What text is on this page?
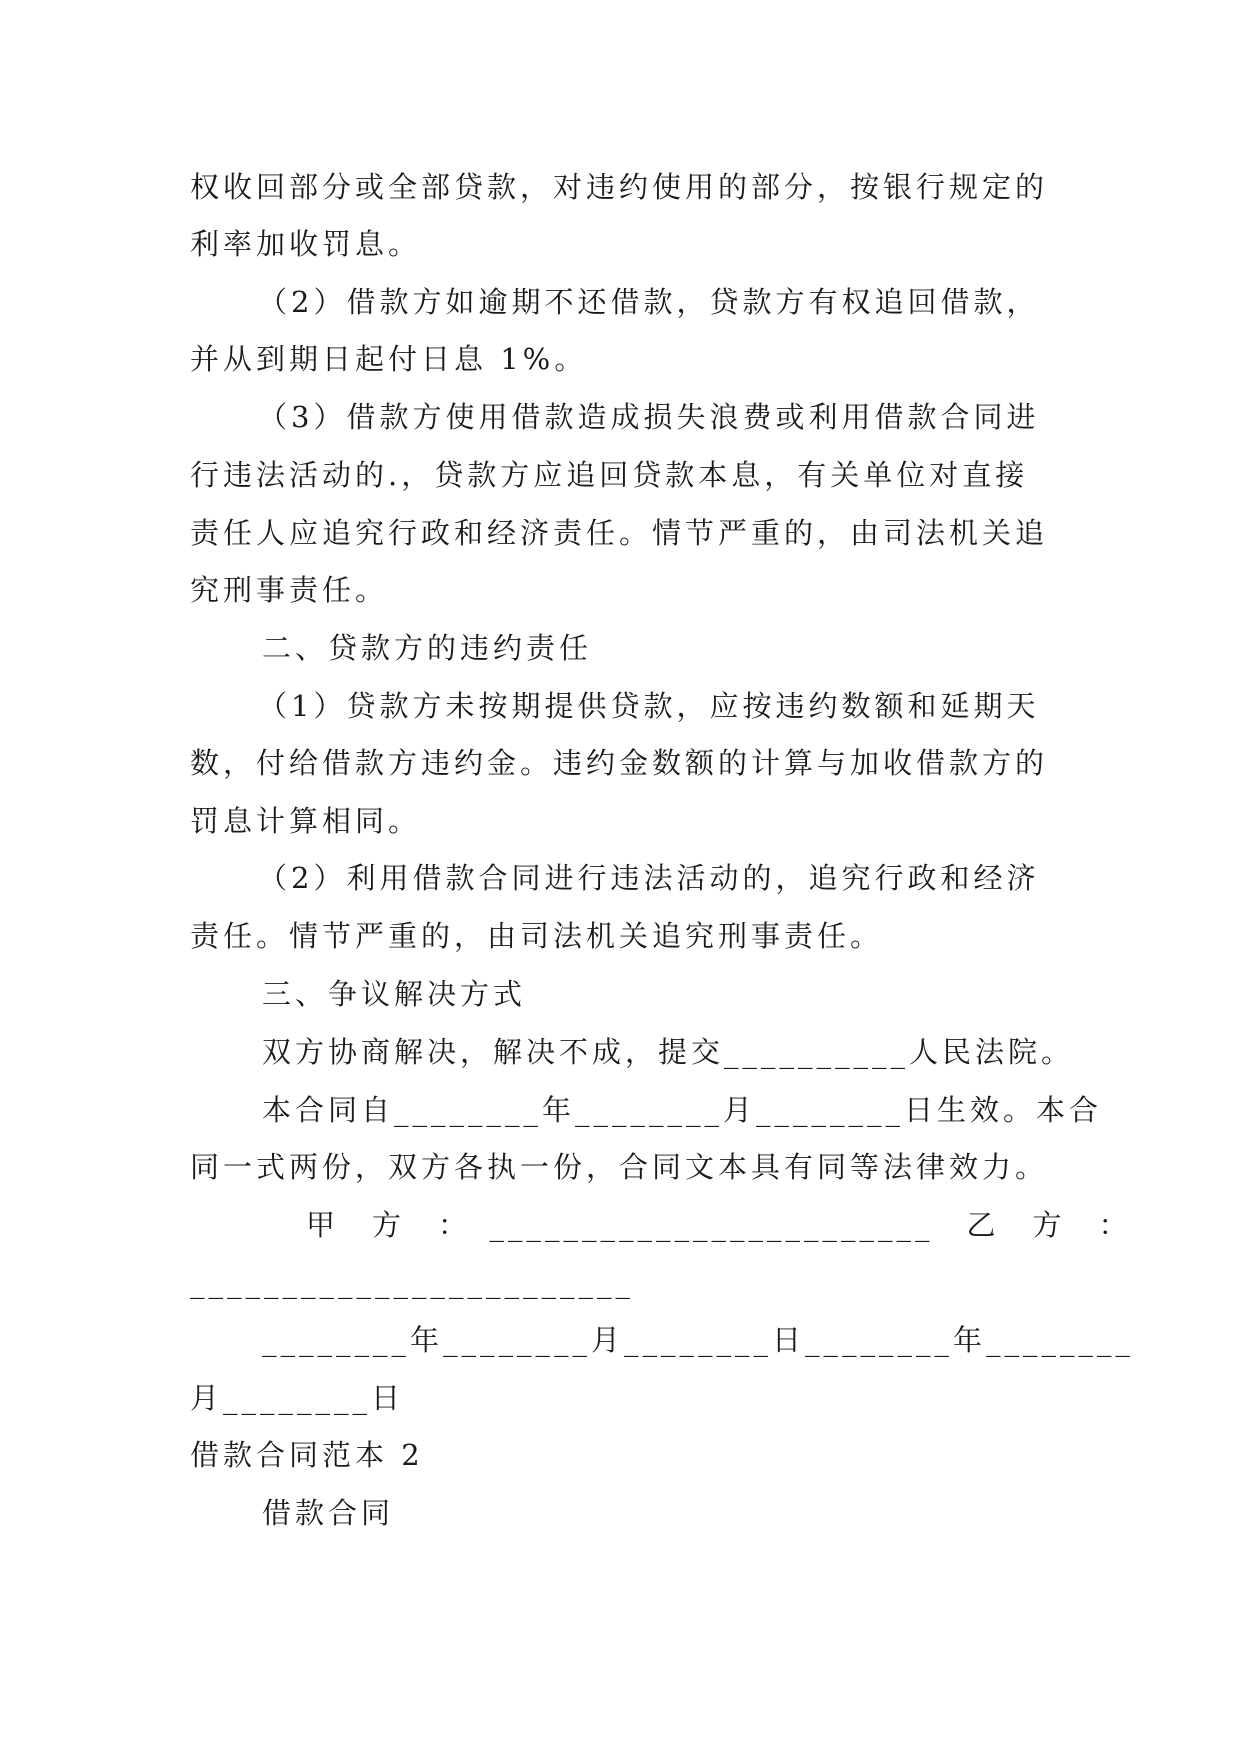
权收回部分或全部贷款，对违约使用的部分，按银行规定的
利率加收罚息。
（2）借款方如逾期不还借款，贷款方有权追回借款，
并从到期日起付日息 1%。
（3）借款方使用借款造成损失浪费或利用借款合同进
行违法活动的.，贷款方应追回贷款本息，有关单位对直接
责任人应追究行政和经济责任。情节严重的，由司法机关追
究刑事责任。
二、贷款方的违约责任
（1）贷款方未按期提供贷款，应按违约数额和延期天
数，付给借款方违约金。违约金数额的计算与加收借款方的
罚息计算相同。
（2）利用借款合同进行违法活动的，追究行政和经济
责任。情节严重的，由司法机关追究刑事责任。
三、争议解决方式
双方协商解决，解决不成，提交__________人民法院。
本合同自________年________月________日生效。本合
同一式两份，双方各执一份，合同文本具有同等法律效力。
甲　方　：　________________________　乙　方　：
________________________
________年________月________日________年________
月________日
借款合同范本 2
借款合同
